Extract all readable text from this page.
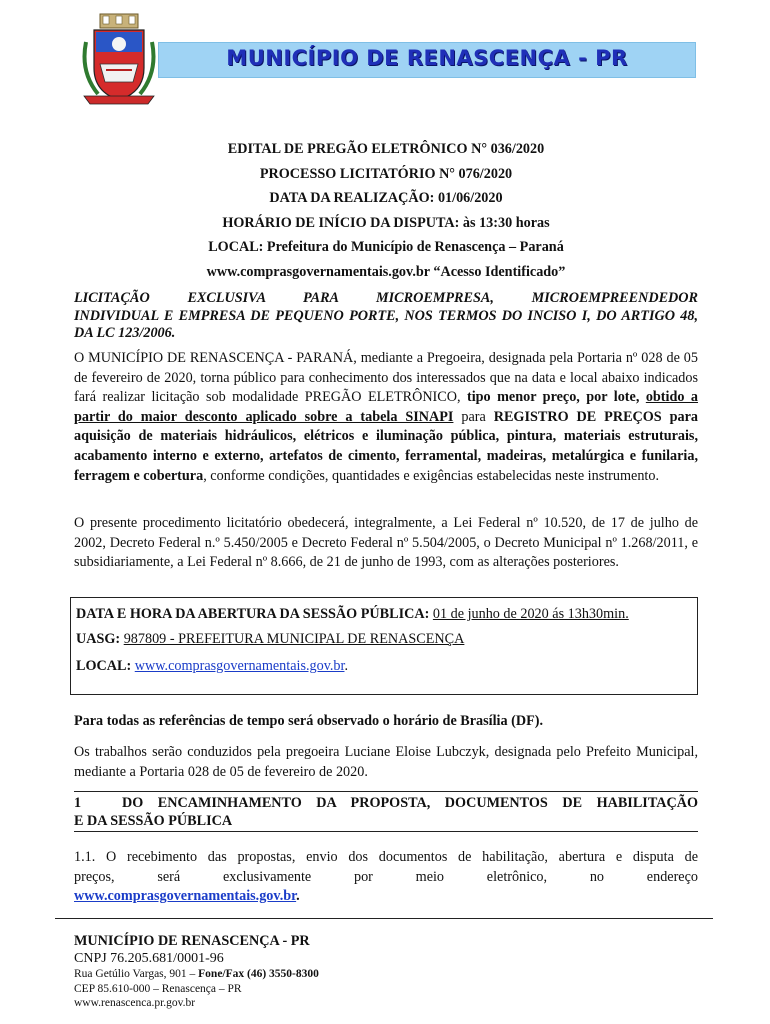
MUNICÍPIO DE RENASCENÇA - PR
EDITAL DE PREGÃO ELETRÔNICO N° 036/2020
PROCESSO LICITATÓRIO N° 076/2020
DATA DA REALIZAÇÃO: 01/06/2020
HORÁRIO DE INÍCIO DA DISPUTA: às 13:30 horas
LOCAL: Prefeitura do Município de Renascença – Paraná
www.comprasgovernamentais.gov.br “Acesso Identificado”
LICITAÇÃO EXCLUSIVA PARA MICROEMPRESA, MICROEMPREENDEDOR
INDIVIDUAL E EMPRESA DE PEQUENO PORTE, NOS TERMOS DO INCISO I, DO ARTIGO 48, DA LC 123/2006.
O MUNICÍPIO DE RENASCENÇA - PARANÁ, mediante a Pregoeira, designada pela Portaria nº 028 de 05 de fevereiro de 2020, torna público para conhecimento dos interessados que na data e local abaixo indicados fará realizar licitação sob modalidade PREGÃO ELETRÔNICO, tipo menor preço, por lote, obtido a partir do maior desconto aplicado sobre a tabela SINAPI para REGISTRO DE PREÇOS para aquisição de materiais hidráulicos, elétricos e iluminação pública, pintura, materiais estruturais, acabamento interno e externo, artefatos de cimento, ferramental, madeiras, metalúrgica e funilaria, ferragem e cobertura, conforme condições, quantidades e exigências estabelecidas neste instrumento.
O presente procedimento licitatório obedecerá, integralmente, a Lei Federal nº 10.520, de 17 de julho de 2002, Decreto Federal n.º 5.450/2005 e Decreto Federal nº 5.504/2005, o Decreto Municipal nº 1.268/2011, e subsidiariamente, a Lei Federal nº 8.666, de 21 de junho de 1993, com as alterações posteriores.
DATA E HORA DA ABERTURA DA SESSÃO PÚBLICA: 01 de junho de 2020 ás 13h30min.
UASG: 987809 - PREFEITURA MUNICIPAL DE RENASCENÇA
LOCAL: www.comprasgovernamentais.gov.br.
Para todas as referências de tempo será observado o horário de Brasília (DF).
Os trabalhos serão conduzidos pela pregoeira Luciane Eloise Lubczyk, designada pelo Prefeito Municipal, mediante a Portaria 028 de 05 de fevereiro de 2020.
1	DO ENCAMINHAMENTO DA PROPOSTA, DOCUMENTOS DE HABILITAÇÃO
E DA SESSÃO PÚBLICA
1.1. O recebimento das propostas, envio dos documentos de habilitação, abertura e disputa de
preços, será exclusivamente por meio eletrônico, no endereço
www.comprasgovernamentais.gov.br.
MUNICÍPIO DE RENASCENÇA - PR
CNPJ 76.205.681/0001-96
Rua Getúlio Vargas, 901 – Fone/Fax (46) 3550-8300
CEP 85.610-000 – Renascença – PR
www.renascenca.pr.gov.br
